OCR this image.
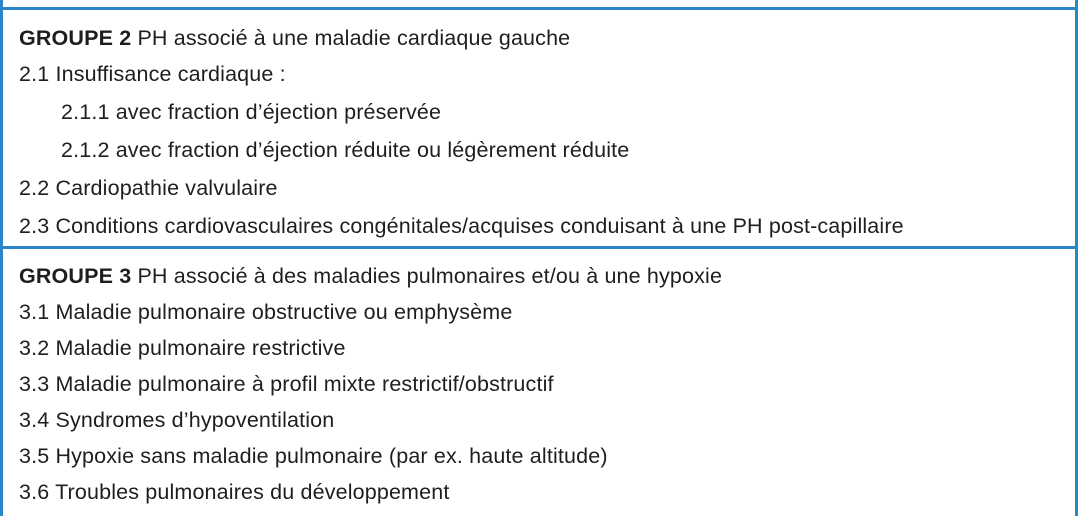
GROUPE 2 PH associé à une maladie cardiaque gauche
2.1 Insuffisance cardiaque :
2.1.1 avec fraction d’éjection préservée
2.1.2 avec fraction d’éjection réduite ou légèrement réduite
2.2 Cardiopathie valvulaire
2.3 Conditions cardiovasculaires congénitales/acquises conduisant à une PH post-capillaire
GROUPE 3 PH associé à des maladies pulmonaires et/ou à une hypoxie
3.1 Maladie pulmonaire obstructive ou emphysème
3.2 Maladie pulmonaire restrictive
3.3 Maladie pulmonaire à profil mixte restrictif/obstructif
3.4 Syndromes d’hypoventilation
3.5 Hypoxie sans maladie pulmonaire (par ex. haute altitude)
3.6 Troubles pulmonaires du développement
